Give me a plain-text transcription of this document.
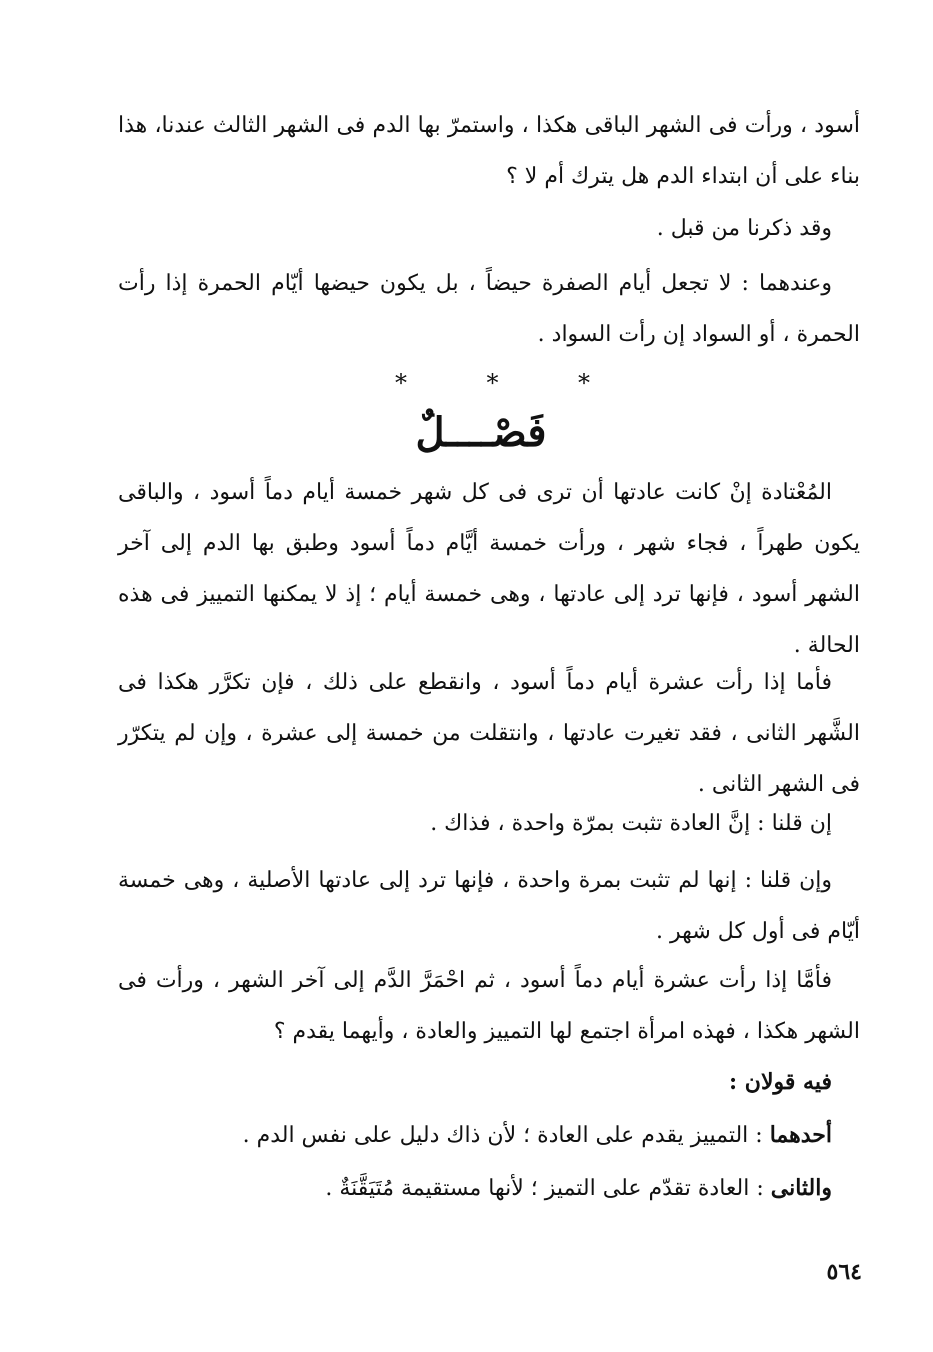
أسود ، ورأت فى الشهر الباقى هكذا ، واستمرّ بها الدم فى الشهر الثالث عندنا، هذا بناء على أن ابتداء الدم هل يترك أم لا ؟
وقد ذكرنا من قبل .
وعندهما : لا تجعل أيام الصفرة حيضاً ، بل يكون حيضها أيّام الحمرة إذا رأت الحمرة ، أو السواد إن رأت السواد .
*	*	*
فَصْــــلٌ
المُعْتادة إنْ كانت عادتها أن ترى فى كل شهر خمسة أيام دماً أسود ، والباقى يكون طهراً ، فجاء شهر ، ورأت خمسة أيَّام دماً أسود وطبق بها الدم إلى آخر الشهر أسود ، فإنها ترد إلى عادتها ، وهى خمسة أيام ؛ إذ لا يمكنها التمييز فى هذه الحالة .
فأما إذا رأت عشرة أيام دماً أسود ، وانقطع على ذلك ، فإن تكرَّر هكذا فى الشَّهر الثانى ، فقد تغيرت عادتها ، وانتقلت من خمسة إلى عشرة ، وإن لم يتكرّر فى الشهر الثانى .
إن قلنا : إنَّ العادة تثبت بمرّة واحدة ، فذاك .
وإن قلنا : إنها لم تثبت بمرة واحدة ، فإنها ترد إلى عادتها الأصلية ، وهى خمسة أيّام فى أول كل شهر .
فأمَّا إذا رأت عشرة أيام دماً أسود ، ثم احْمَرَّ الدَّم إلى آخر الشهر ، ورأت فى الشهر هكذا ، فهذه امرأة اجتمع لها التمييز والعادة ، وأيهما يقدم ؟
فيه قولان :
أحدهما : التمييز يقدم على العادة ؛ لأن ذاك دليل على نفس الدم .
والثانى : العادة تقدّم على التميز ؛ لأنها مستقيمة مُتَيَقَّنَةٌ .
٥٦٤
